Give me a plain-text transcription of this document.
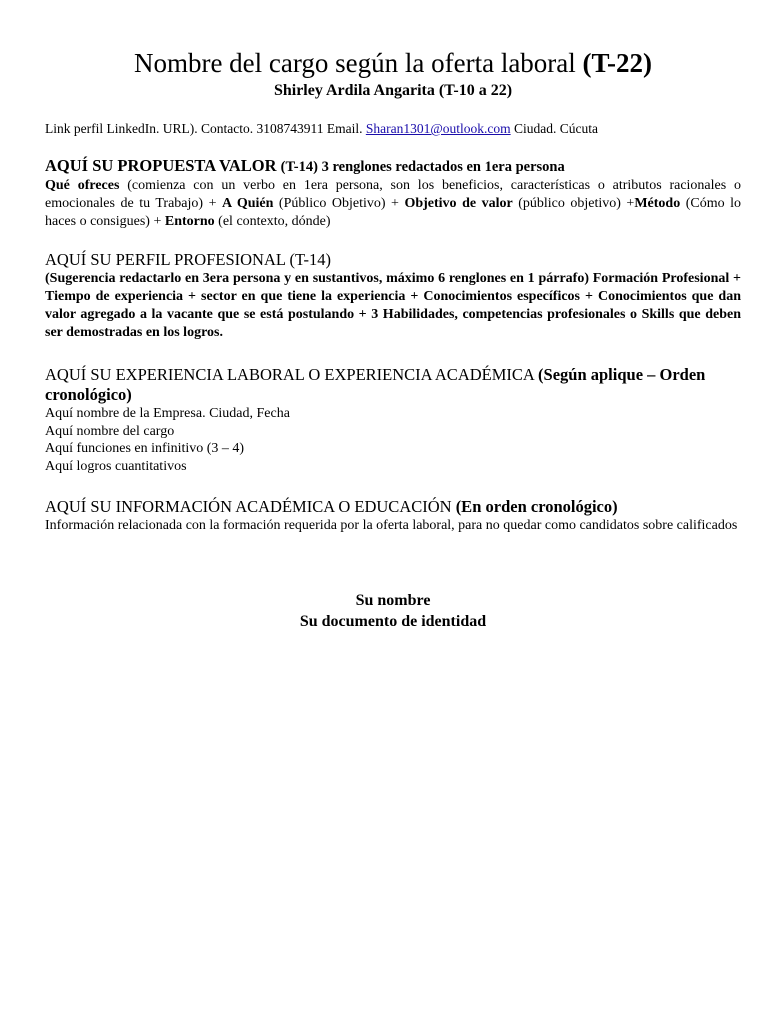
Nombre del cargo según la oferta laboral (T-22)
Shirley Ardila Angarita (T-10 a 22)
Link perfil LinkedIn. URL). Contacto. 3108743911 Email. Sharan1301@outlook.com Ciudad. Cúcuta
AQUÍ SU PROPUESTA VALOR (T-14) 3 renglones redactados en 1era persona
Qué ofreces (comienza con un verbo en 1era persona, son los beneficios, características o atributos racionales o emocionales de tu Trabajo) + A Quién (Público Objetivo) + Objetivo de valor (público objetivo) +Método (Cómo lo haces o consigues) + Entorno (el contexto, dónde)
AQUÍ SU PERFIL PROFESIONAL (T-14)
(Sugerencia redactarlo en 3era persona y en sustantivos, máximo 6 renglones en 1 párrafo) Formación Profesional + Tiempo de experiencia + sector en que tiene la experiencia + Conocimientos específicos + Conocimientos que dan valor agregado a la vacante que se está postulando + 3 Habilidades, competencias profesionales o Skills que deben ser demostradas en los logros.
AQUÍ SU EXPERIENCIA LABORAL O EXPERIENCIA ACADÉMICA (Según aplique – Orden cronológico)
Aquí nombre de la Empresa. Ciudad, Fecha
Aquí nombre del cargo
Aquí funciones en infinitivo (3 – 4)
Aquí logros cuantitativos
AQUÍ SU INFORMACIÓN ACADÉMICA O EDUCACIÓN (En orden cronológico)
Información relacionada con la formación requerida por la oferta laboral, para no quedar como candidatos sobre calificados
Su nombre
Su documento de identidad
